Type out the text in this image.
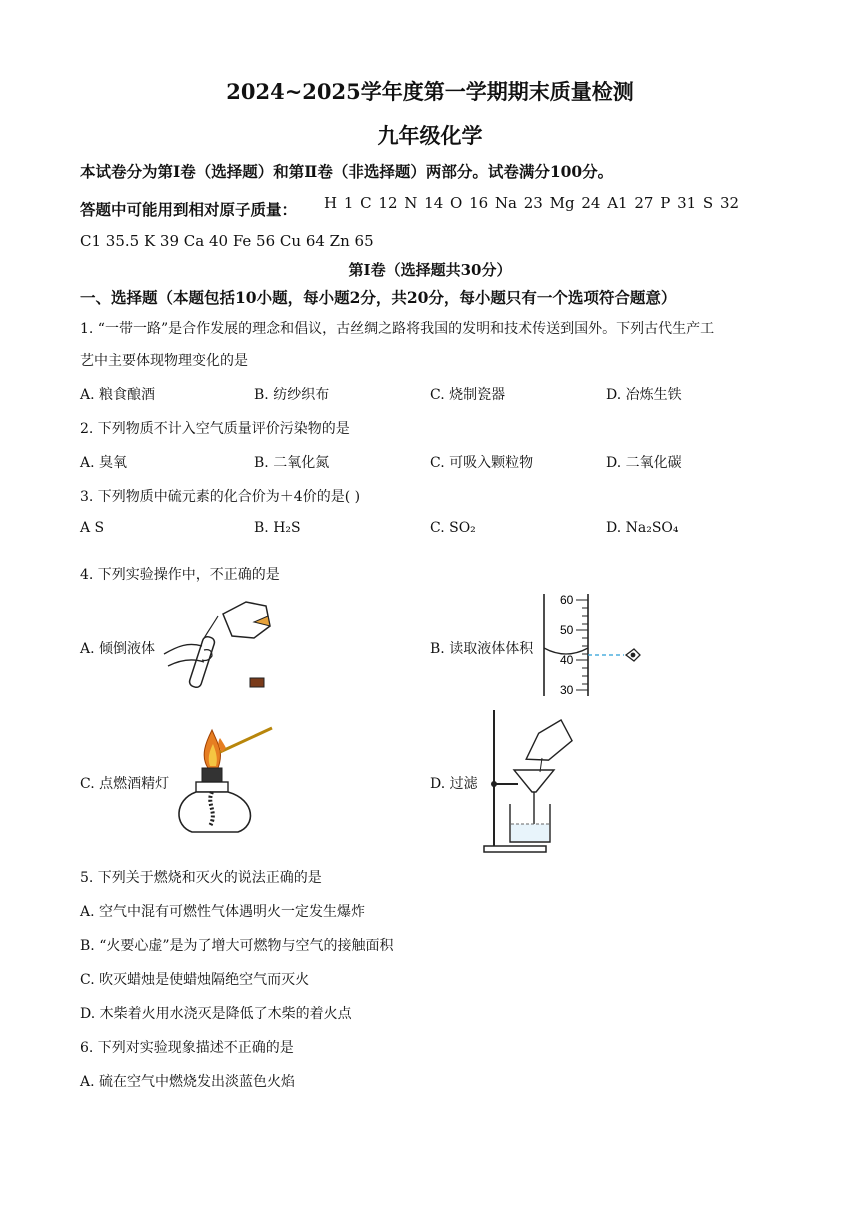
2024~2025学年度第一学期期末质量检测
九年级化学
本试卷分为第Ⅰ卷（选择题）和第Ⅱ卷（非选择题）两部分。试卷满分100分。
答题中可能用到相对原子质量： H 1 C 12 N 14 O 16 Na 23 Mg 24 A1 27 P 31 S 32
C1 35.5 K 39 Ca 40 Fe 56 Cu 64 Zn 65
第Ⅰ卷（选择题共30分）
一、选择题（本题包括10小题，每小题2分，共20分，每小题只有一个选项符合题意）
1. “一带一路”是合作发展的理念和倡议，古丝绸之路将我国的发明和技术传送到国外。下列古代生产工
艺中主要体现物理变化的是
A. 粮食酿酒	B. 纺纱织布	C. 烧制瓷器	D. 冶炼生铁
2. 下列物质不计入空气质量评价污染物的是
A. 臭氧	B. 二氧化氮	C. 可吸入颗粒物	D. 二氧化碳
3. 下列物质中硫元素的化合价为＋4价的是( )
A S	B. H₂S	C. SO₂	D. Na₂SO₄
4. 下列实验操作中，不正确的是
A. 倾倒液体	B. 读取液体体积
C. 点燃酒精灯	D. 过滤
60
50
40
30
5. 下列关于燃烧和灭火的说法正确的是
A. 空气中混有可燃性气体遇明火一定发生爆炸
B. “火要心虚”是为了增大可燃物与空气的接触面积
C. 吹灭蜡烛是使蜡烛隔绝空气而灭火
D. 木柴着火用水浇灭是降低了木柴的着火点
6. 下列对实验现象描述不正确的是
A. 硫在空气中燃烧发出淡蓝色火焰
